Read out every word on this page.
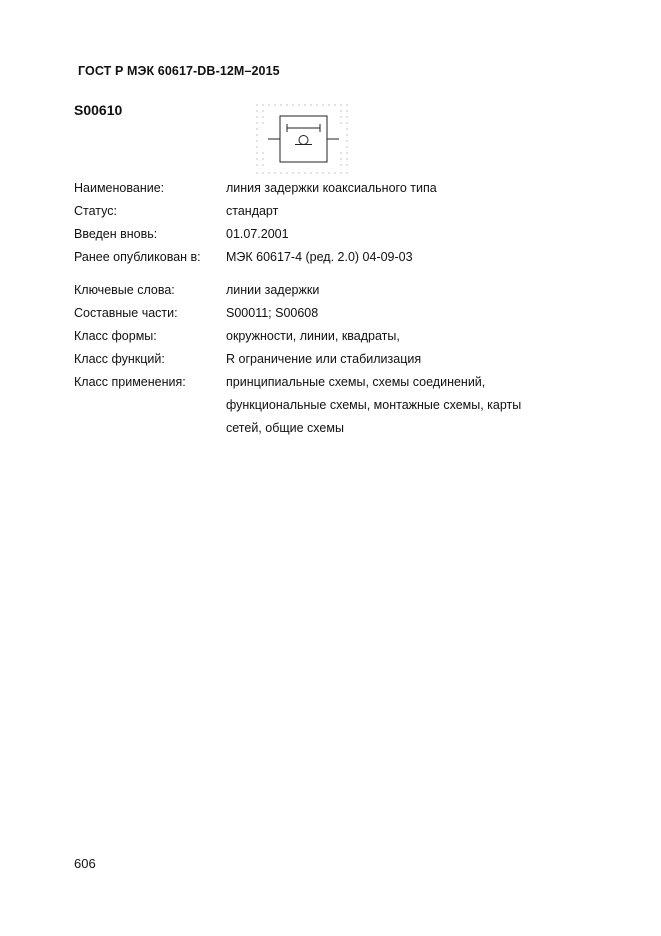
ГОСТ Р МЭК 60617-DB-12M–2015
S00610
Наименование:	линия задержки коаксиального типа
Статус:	стандарт
Введен вновь:	01.07.2001
Ранее опубликован в:	МЭК 60617-4 (ред. 2.0) 04-09-03
Ключевые слова:	линии задержки
Составные части:	S00011; S00608
Класс формы:	окружности, линии, квадраты,
Класс функций:	R ограничение или стабилизация
Класс применения:	принципиальные схемы, схемы соединений, функциональные схемы, монтажные схемы, карты сетей, общие схемы
606
